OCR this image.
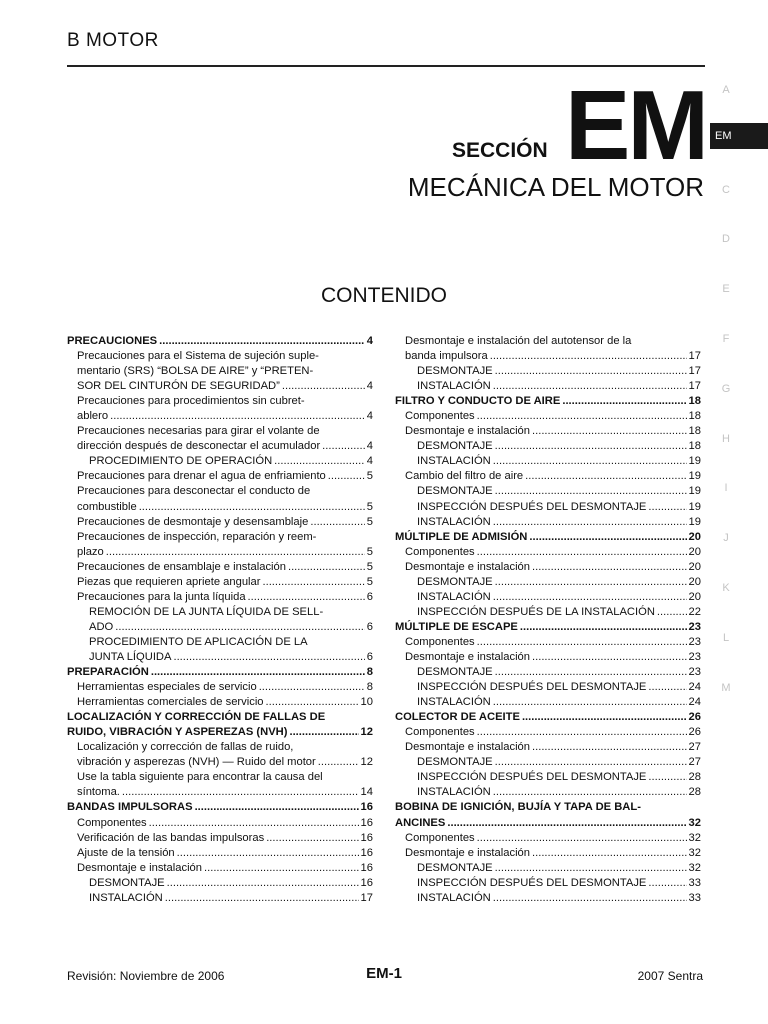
B MOTOR
SECCIÓN EM
MECÁNICA DEL MOTOR
CONTENIDO
A
EM
C
D
E
F
G
H
I
J
K
L
M
PRECAUCIONES .....	4
Precauciones para el Sistema de sujeción suple-
mentario (SRS) “BOLSA DE AIRE” y “PRETEN-
SOR DEL CINTURÓN DE SEGURIDAD” .....	4
Precauciones para procedimientos sin cubret-
ablero .....	4
Precauciones necesarias para girar el volante de
dirección después de desconectar el acumulador .....	4
PROCEDIMIENTO DE OPERACIÓN .....	4
Precauciones para drenar el agua de enfriamiento .....	5
Precauciones para desconectar el conducto de
combustible .....	5
Precauciones de desmontaje y desensamblaje .....	5
Precauciones de inspección, reparación y reem-
plazo .....	5
Precauciones de ensamblaje e instalación .....	5
Piezas que requieren apriete angular .....	5
Precauciones para la junta líquida .....	6
REMOCIÓN DE LA JUNTA LÍQUIDA DE SELL-
ADO .....	6
PROCEDIMIENTO DE APLICACIÓN DE LA
JUNTA LÍQUIDA .....	6
PREPARACIÓN .....	8
Herramientas especiales de servicio .....	8
Herramientas comerciales de servicio .....	10
LOCALIZACIÓN Y CORRECCIÓN DE FALLAS DE
RUIDO, VIBRACIÓN Y ASPEREZAS (NVH) .....	12
Localización y corrección de fallas de ruido,
vibración y asperezas (NVH) — Ruido del motor .....	12
Use la tabla siguiente para encontrar la causa del
síntoma. .....	14
BANDAS IMPULSORAS .....	16
Componentes .....	16
Verificación de las bandas impulsoras .....	16
Ajuste de la tensión .....	16
Desmontaje e instalación .....	16
DESMONTAJE .....	16
INSTALACIÓN .....	17
Desmontaje e instalación del autotensor de la
banda impulsora .....	17
DESMONTAJE .....	17
INSTALACIÓN .....	17
FILTRO Y CONDUCTO DE AIRE .....	18
Componentes .....	18
Desmontaje e instalación .....	18
DESMONTAJE .....	18
INSTALACIÓN .....	19
Cambio del filtro de aire .....	19
DESMONTAJE .....	19
INSPECCIÓN DESPUÉS DEL DESMONTAJE .....	19
INSTALACIÓN .....	19
MÚLTIPLE DE ADMISIÓN .....	20
Componentes .....	20
Desmontaje e instalación .....	20
DESMONTAJE .....	20
INSTALACIÓN .....	20
INSPECCIÓN DESPUÉS DE LA INSTALACIÓN .....	22
MÚLTIPLE DE ESCAPE .....	23
Componentes .....	23
Desmontaje e instalación .....	23
DESMONTAJE .....	23
INSPECCIÓN DESPUÉS DEL DESMONTAJE .....	24
INSTALACIÓN .....	24
COLECTOR DE ACEITE .....	26
Componentes .....	26
Desmontaje e instalación .....	27
DESMONTAJE .....	27
INSPECCIÓN DESPUÉS DEL DESMONTAJE .....	28
INSTALACIÓN .....	28
BOBINA DE IGNICIÓN, BUJÍA Y TAPA DE BAL-
ANCINES .....	32
Componentes .....	32
Desmontaje e instalación .....	32
DESMONTAJE .....	32
INSPECCIÓN DESPUÉS DEL DESMONTAJE .....	33
INSTALACIÓN .....	33
Revisión: Noviembre de 2006	EM-1	2007 Sentra
